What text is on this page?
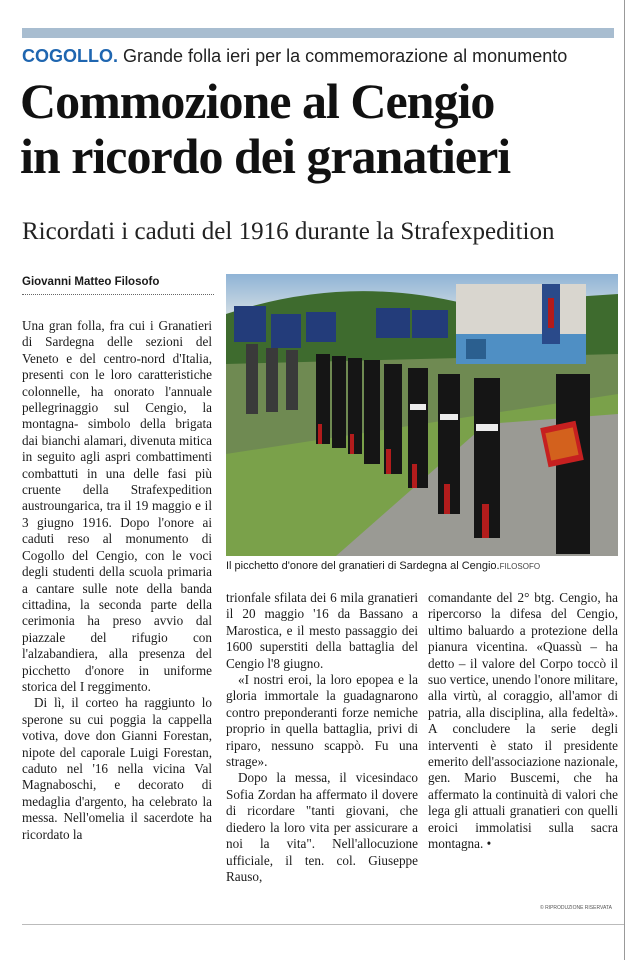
COGOLLO. Grande folla ieri per la commemorazione al monumento
Commozione al Cengio
in ricordo dei granatieri
Ricordati i caduti del 1916 durante la Strafexpedition
Giovanni Matteo Filosofo
Il picchetto d'onore del granatieri di Sardegna al Cengio.FILOSOFO

Una gran folla, fra cui i Granatieri di Sardegna delle sezioni del Veneto e del centro-nord d'Italia, presenti con le loro caratteristiche colonnelle, ha onorato l'annuale pellegrinaggio sul Cengio, la montagna- simbolo della brigata dai bianchi alamari, divenuta mitica in seguito agli aspri combattimenti combattuti in una delle fasi più cruente della Strafexpedition austroungarica, tra il 19 maggio e il 3 giugno 1916. Dopo l'onore ai caduti reso al monumento di Cogollo del Cengio, con le voci degli studenti della scuola primaria a cantare sulle note della banda cittadina, la seconda parte della cerimonia ha preso avvio dal piazzale del rifugio con l'alzabandiera, alla presenza del picchetto d'onore in uniforme storica del I reggimento.

Di lì, il corteo ha raggiunto lo sperone su cui poggia la cappella votiva, dove don Gianni Forestan, nipote del caporale Luigi Forestan, caduto nel '16 nella vicina Val Magnaboschi, e decorato di medaglia d'argento, ha celebrato la messa. Nell'omelia il sacerdote ha ricordato la

trionfale sfilata dei 6 mila granatieri il 20 maggio '16 da Bassano a Marostica, e il mesto passaggio dei 1600 superstiti della battaglia del Cengio l'8 giugno.

«I nostri eroi, la loro epopea e la gloria immortale la guadagnarono contro preponderanti forze nemiche proprio in quella battaglia, privi di riparo, nessuno scappò. Fu una strage».

Dopo la messa, il vicesindaco Sofia Zordan ha affermato il dovere di ricordare "tanti giovani, che diedero la loro vita per assicurare a noi la vita". Nell'allocuzione ufficiale, il ten. col. Giuseppe Rauso,

comandante del 2° btg. Cengio, ha ripercorso la difesa del Cengio, ultimo baluardo a protezione della pianura vicentina. «Quassù – ha detto – il valore del Corpo toccò il suo vertice, unendo l'onore militare, alla virtù, al coraggio, all'amor di patria, alla disciplina, alla fedeltà». A concludere la serie degli interventi è stato il presidente emerito dell'associazione nazionale, gen. Mario Buscemi, che ha affermato la continuità di valori che lega gli attuali granatieri con quelli eroici immolatisi sulla sacra montagna. •

© RIPRODUZIONE RISERVATA
